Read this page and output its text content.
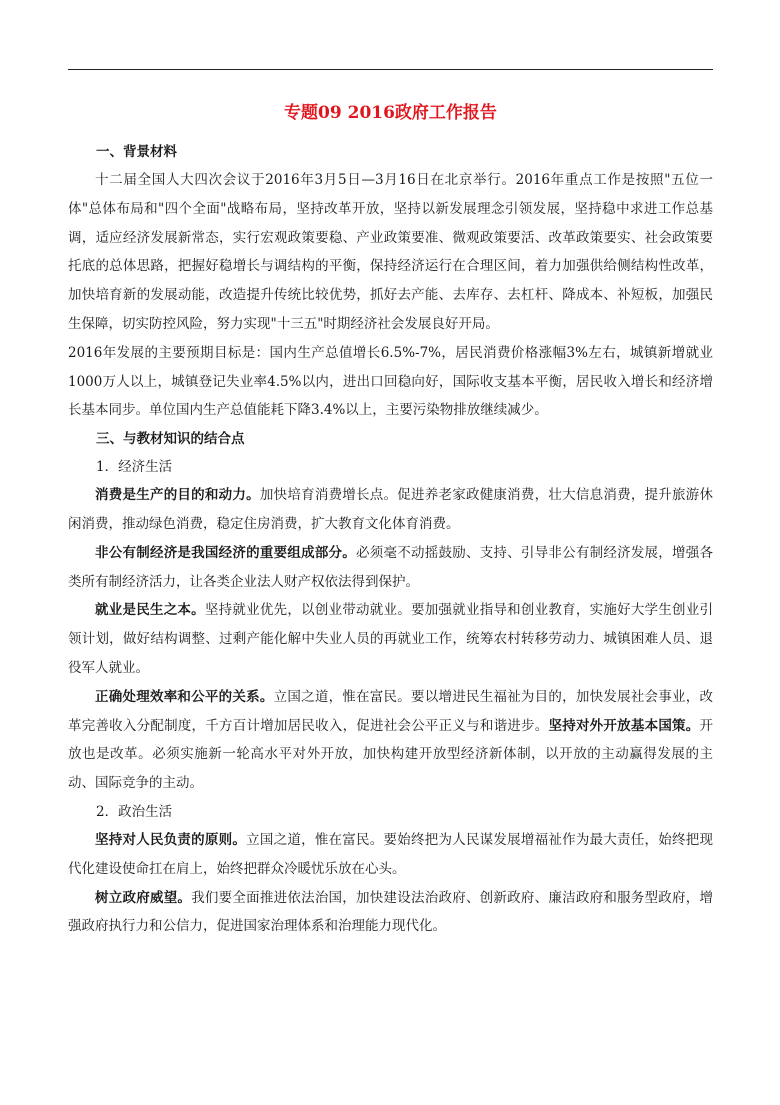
专题09 2016政府工作报告
一、背景材料

十二届全国人大四次会议于2016年3月5日—3月16日在北京举行。2016年重点工作是按照"五位一体"总体布局和"四个全面"战略布局，坚持改革开放，坚持以新发展理念引领发展，坚持稳中求进工作总基调，适应经济发展新常态，实行宏观政策要稳、产业政策要准、微观政策要活、改革政策要实、社会政策要托底的总体思路，把握好稳增长与调结构的平衡，保持经济运行在合理区间，着力加强供给侧结构性改革，加快培育新的发展动能，改造提升传统比较优势，抓好去产能、去库存、去杠杆、降成本、补短板，加强民生保障，切实防控风险，努力实现"十三五"时期经济社会发展良好开局。

2016年发展的主要预期目标是：国内生产总值增长6.5%-7%，居民消费价格涨幅3%左右，城镇新增就业1000万人以上，城镇登记失业率4.5%以内，进出口回稳向好，国际收支基本平衡，居民收入增长和经济增长基本同步。单位国内生产总值能耗下降3.4%以上，主要污染物排放继续减少。

三、与教材知识的结合点
1．经济生活

消费是生产的目的和动力。加快培育消费增长点。促进养老家政健康消费，壮大信息消费，提升旅游休闲消费，推动绿色消费，稳定住房消费，扩大教育文化体育消费。

非公有制经济是我国经济的重要组成部分。必须毫不动摇鼓励、支持、引导非公有制经济发展，增强各类所有制经济活力，让各类企业法人财产权依法得到保护。

就业是民生之本。坚持就业优先，以创业带动就业。要加强就业指导和创业教育，实施好大学生创业引领计划，做好结构调整、过剩产能化解中失业人员的再就业工作，统筹农村转移劳动力、城镇困难人员、退役军人就业。

正确处理效率和公平的关系。立国之道，惟在富民。要以增进民生福祉为目的，加快发展社会事业，改革完善收入分配制度，千方百计增加居民收入，促进社会公平正义与和谐进步。坚持对外开放基本国策。开放也是改革。必须实施新一轮高水平对外开放，加快构建开放型经济新体制，以开放的主动赢得发展的主动、国际竞争的主动。

2．政治生活

坚持对人民负责的原则。立国之道，惟在富民。要始终把为人民谋发展增福祉作为最大责任，始终把现代化建设使命扛在肩上，始终把群众冷暖忧乐放在心头。

树立政府威望。我们要全面推进依法治国，加快建设法治政府、创新政府、廉洁政府和服务型政府，增强政府执行力和公信力，促进国家治理体系和治理能力现代化。
